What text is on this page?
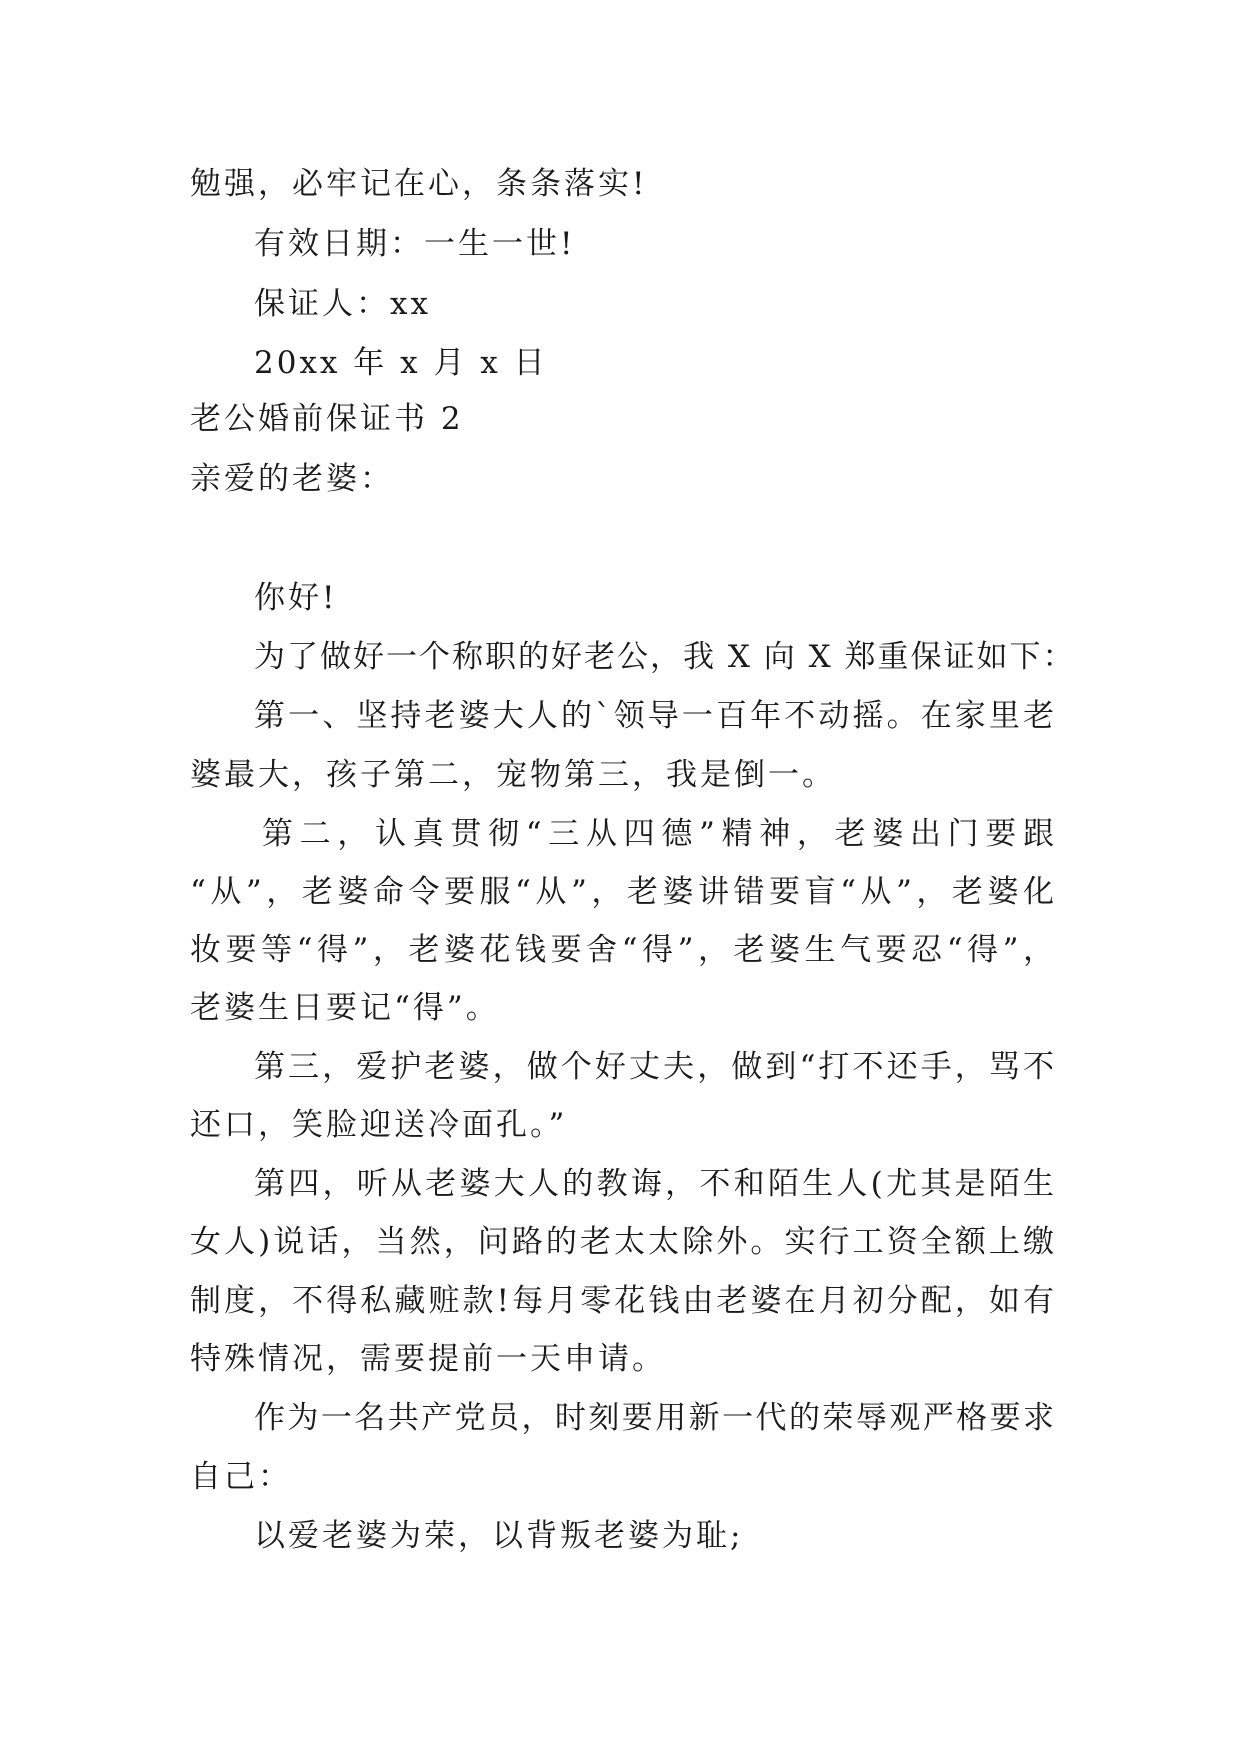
勉强，必牢记在心，条条落实!
有效日期：一生一世!
保证人：xx
20xx 年 x 月 x 日
老公婚前保证书 2
亲爱的老婆：
你好!
为了做好一个称职的好老公，我 X 向 X 郑重保证如下：
第一、坚持老婆大人的`领导一百年不动摇。在家里老
婆最大，孩子第二，宠物第三，我是倒一。
第二，认真贯彻“三从四德”精神，老婆出门要跟
“从”，老婆命令要服“从”，老婆讲错要盲“从”，老婆化
妆要等“得”，老婆花钱要舍“得”，老婆生气要忍“得”，
老婆生日要记“得”。
第三，爱护老婆，做个好丈夫，做到“打不还手，骂不
还口，笑脸迎送冷面孔。”
第四，听从老婆大人的教诲，不和陌生人(尤其是陌生
女人)说话，当然，问路的老太太除外。实行工资全额上缴
制度，不得私藏赃款!每月零花钱由老婆在月初分配，如有
特殊情况，需要提前一天申请。
作为一名共产党员，时刻要用新一代的荣辱观严格要求
自己：
以爱老婆为荣，以背叛老婆为耻;
